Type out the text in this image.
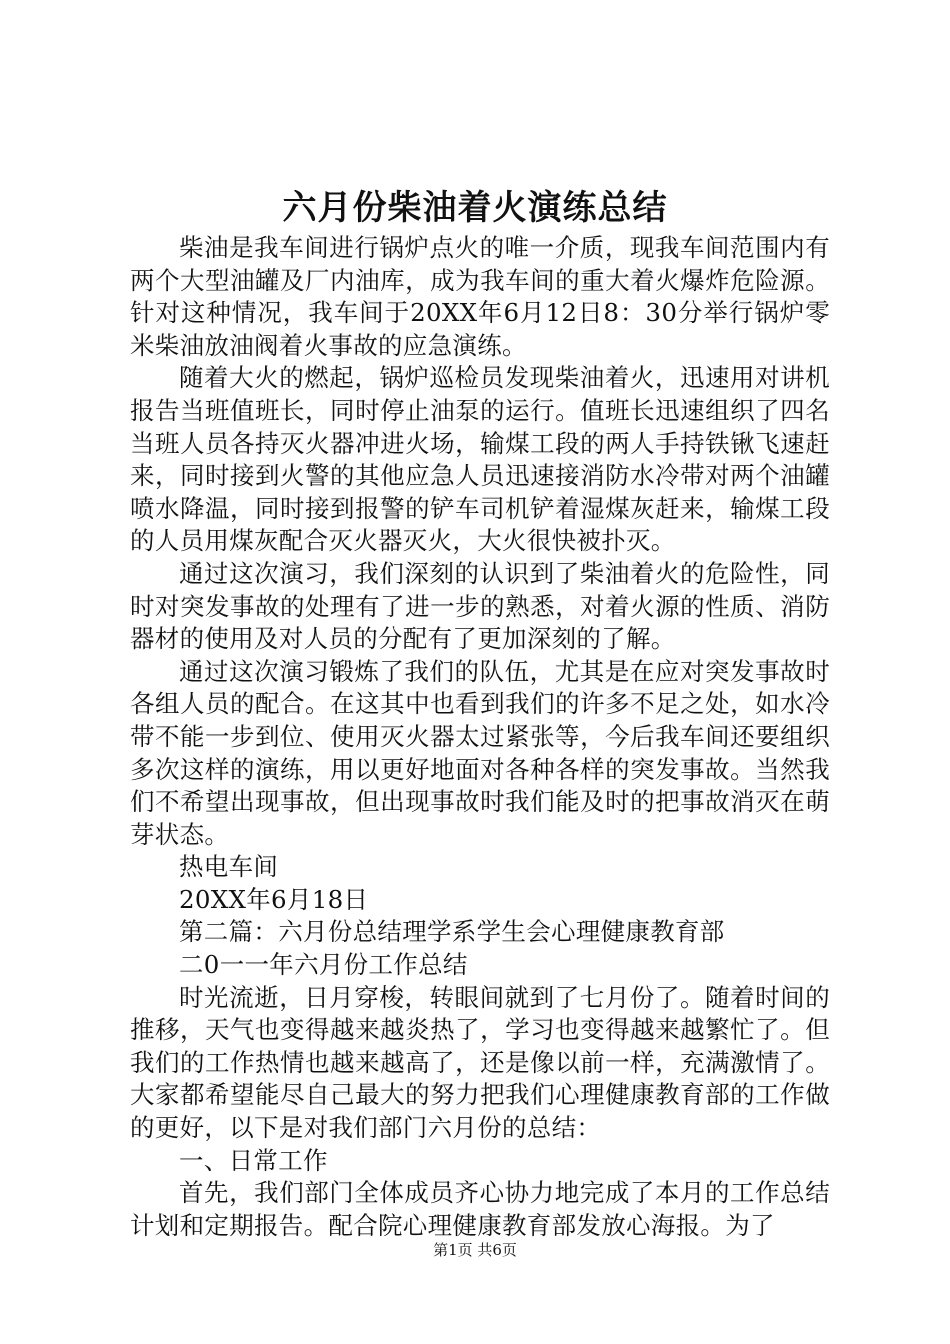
六月份柴油着火演练总结

柴油是我车间进行锅炉点火的唯一介质，现我车间范围内有两个大型油罐及厂内油库，成为我车间的重大着火爆炸危险源。针对这种情况，我车间于20XX年6月12日8：30分举行锅炉零米柴油放油阀着火事故的应急演练。

随着大火的燃起，锅炉巡检员发现柴油着火，迅速用对讲机报告当班值班长，同时停止油泵的运行。值班长迅速组织了四名当班人员各持灭火器冲进火场，输煤工段的两人手持铁锹飞速赶来，同时接到火警的其他应急人员迅速接消防水冷带对两个油罐喷水降温，同时接到报警的铲车司机铲着湿煤灰赶来，输煤工段的人员用煤灰配合灭火器灭火，大火很快被扑灭。

通过这次演习，我们深刻的认识到了柴油着火的危险性，同时对突发事故的处理有了进一步的熟悉，对着火源的性质、消防器材的使用及对人员的分配有了更加深刻的了解。

通过这次演习锻炼了我们的队伍，尤其是在应对突发事故时各组人员的配合。在这其中也看到我们的许多不足之处，如水冷带不能一步到位、使用灭火器太过紧张等，今后我车间还要组织多次这样的演练，用以更好地面对各种各样的突发事故。当然我们不希望出现事故，但出现事故时我们能及时的把事故消灭在萌芽状态。

热电车间

20XX年6月18日

第二篇：六月份总结理学系学生会心理健康教育部

二0一一年六月份工作总结

时光流逝，日月穿梭，转眼间就到了七月份了。随着时间的推移，天气也变得越来越炎热了，学习也变得越来越繁忙了。但我们的工作热情也越来越高了，还是像以前一样，充满激情了。大家都希望能尽自己最大的努力把我们心理健康教育部的工作做的更好，以下是对我们部门六月份的总结：

一、日常工作

首先，我们部门全体成员齐心协力地完成了本月的工作总结计划和定期报告。配合院心理健康教育部发放心海报。为了

第1页 共6页
